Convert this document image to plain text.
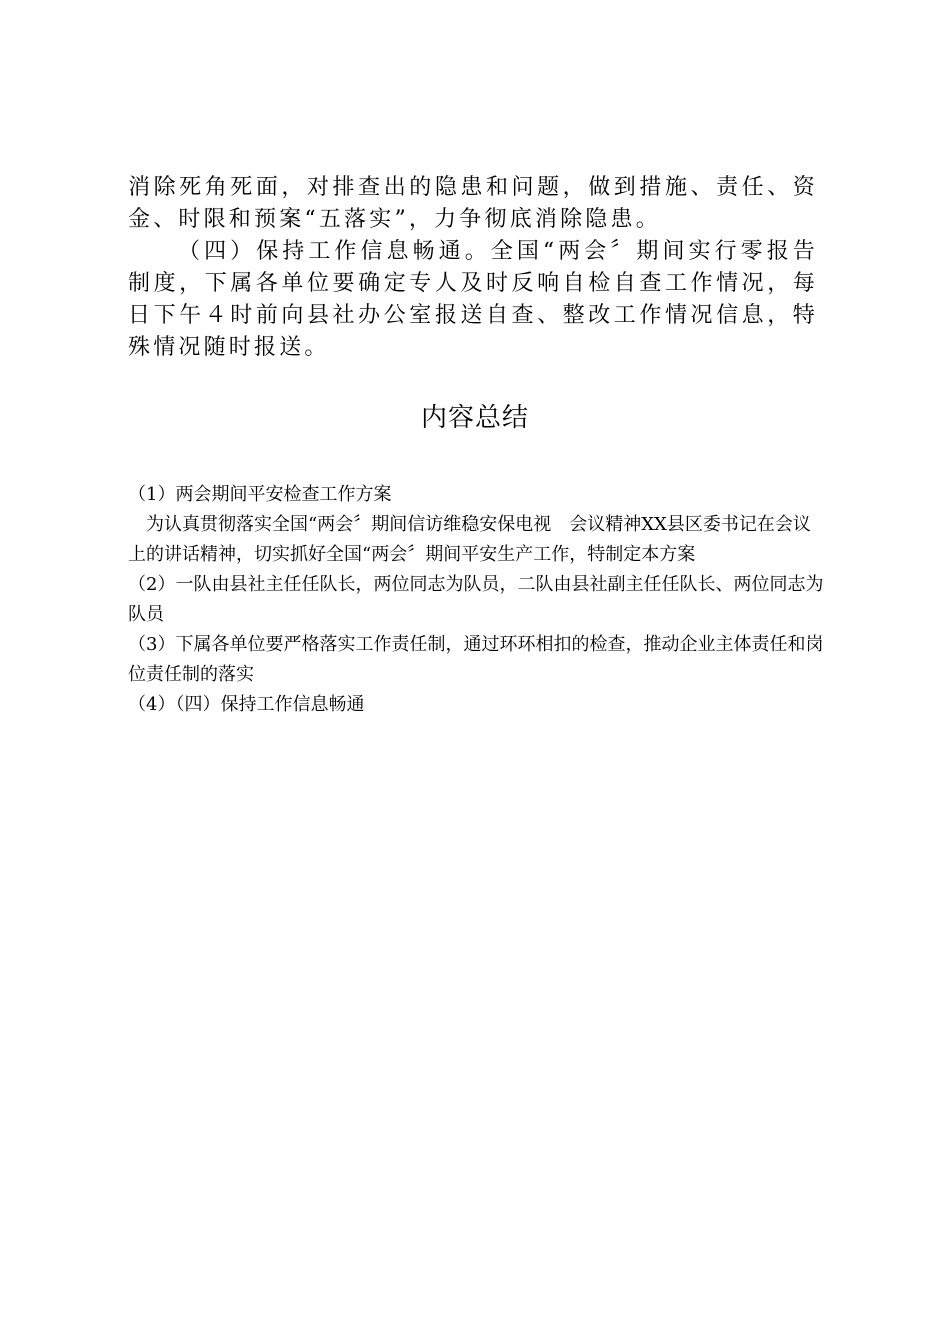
消除死角死面，对排查出的隐患和问题，做到措施、责任、资金、时限和预案“五落实”，力争彻底消除隐患。

（四）保持工作信息畅通。全国“两会〞期间实行零报告制度，下属各单位要确定专人及时反响自检自查工作情况，每日下午４时前向县社办公室报送自查、整改工作情况信息，特殊情况随时报送。

内容总结

（1）两会期间平安检查工作方案

为认真贯彻落实全国“两会〞期间信访维稳安保电视　会议精神XX县区委书记在会议上的讲话精神，切实抓好全国“两会〞期间平安生产工作，特制定本方案

（2）一队由县社主任任队长，两位同志为队员，二队由县社副主任任队长、两位同志为队员

（3）下属各单位要严格落实工作责任制，通过环环相扣的检查，推动企业主体责任和岗位责任制的落实

（4）（四）保持工作信息畅通
